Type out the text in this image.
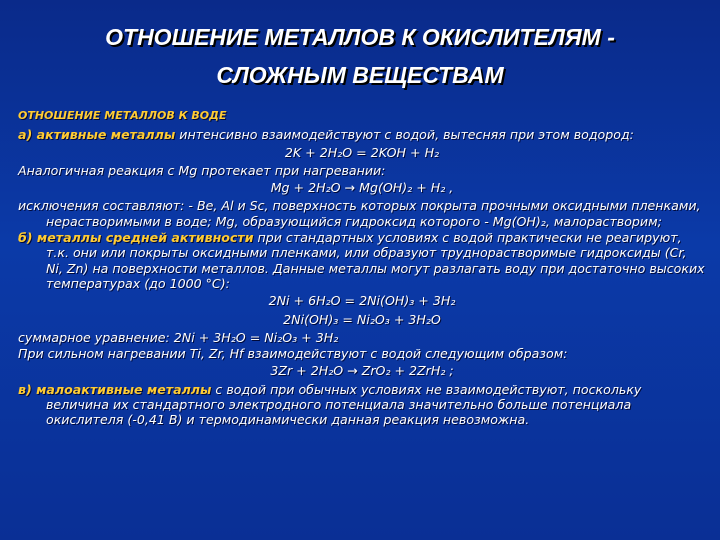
ОТНОШЕНИЕ МЕТАЛЛОВ К ОКИСЛИТЕЛЯМ -
СЛОЖНЫМ ВЕЩЕСТВАМ
ОТНОШЕНИЕ МЕТАЛЛОВ К ВОДЕ
а) активные металлы интенсивно взаимодействуют с водой, вытесняя при этом водород:
2K + 2H₂O = 2KOH + H₂
Аналогичная реакция с Mg протекает при нагревании:
Mg + 2H₂O → Mg(OH)₂ + H₂ ,
исключения составляют: - Be, Al и Sc, поверхность которых покрыта прочными оксидными пленками, нерастворимыми в воде; Mg, образующийся гидроксид которого - Mg(OH)₂, малорастворим;
б) металлы средней активности при стандартных условиях с водой практически не реагируют, т.к. они или покрыты оксидными пленками, или образуют труднорастворимые гидроксиды (Cr, Ni, Zn) на поверхности металлов. Данные металлы могут разлагать воду при достаточно высоких температурах (до 1000 °С):
2Ni + 6H₂O = 2Ni(OH)₃ + 3H₂
2Ni(OH)₃ = Ni₂O₃ + 3H₂O
суммарное уравнение: 2Ni + 3H₂O = Ni₂O₃ + 3H₂
При сильном нагревании Ti, Zr, Hf взаимодействуют с водой следующим образом:
3Zr + 2H₂O → ZrO₂ + 2ZrH₂ ;
в) малоактивные металлы с водой при обычных условиях не взаимодействуют, поскольку величина их стандартного электродного потенциала значительно больше потенциала окислителя (-0,41 В) и термодинамически данная реакция невозможна.
